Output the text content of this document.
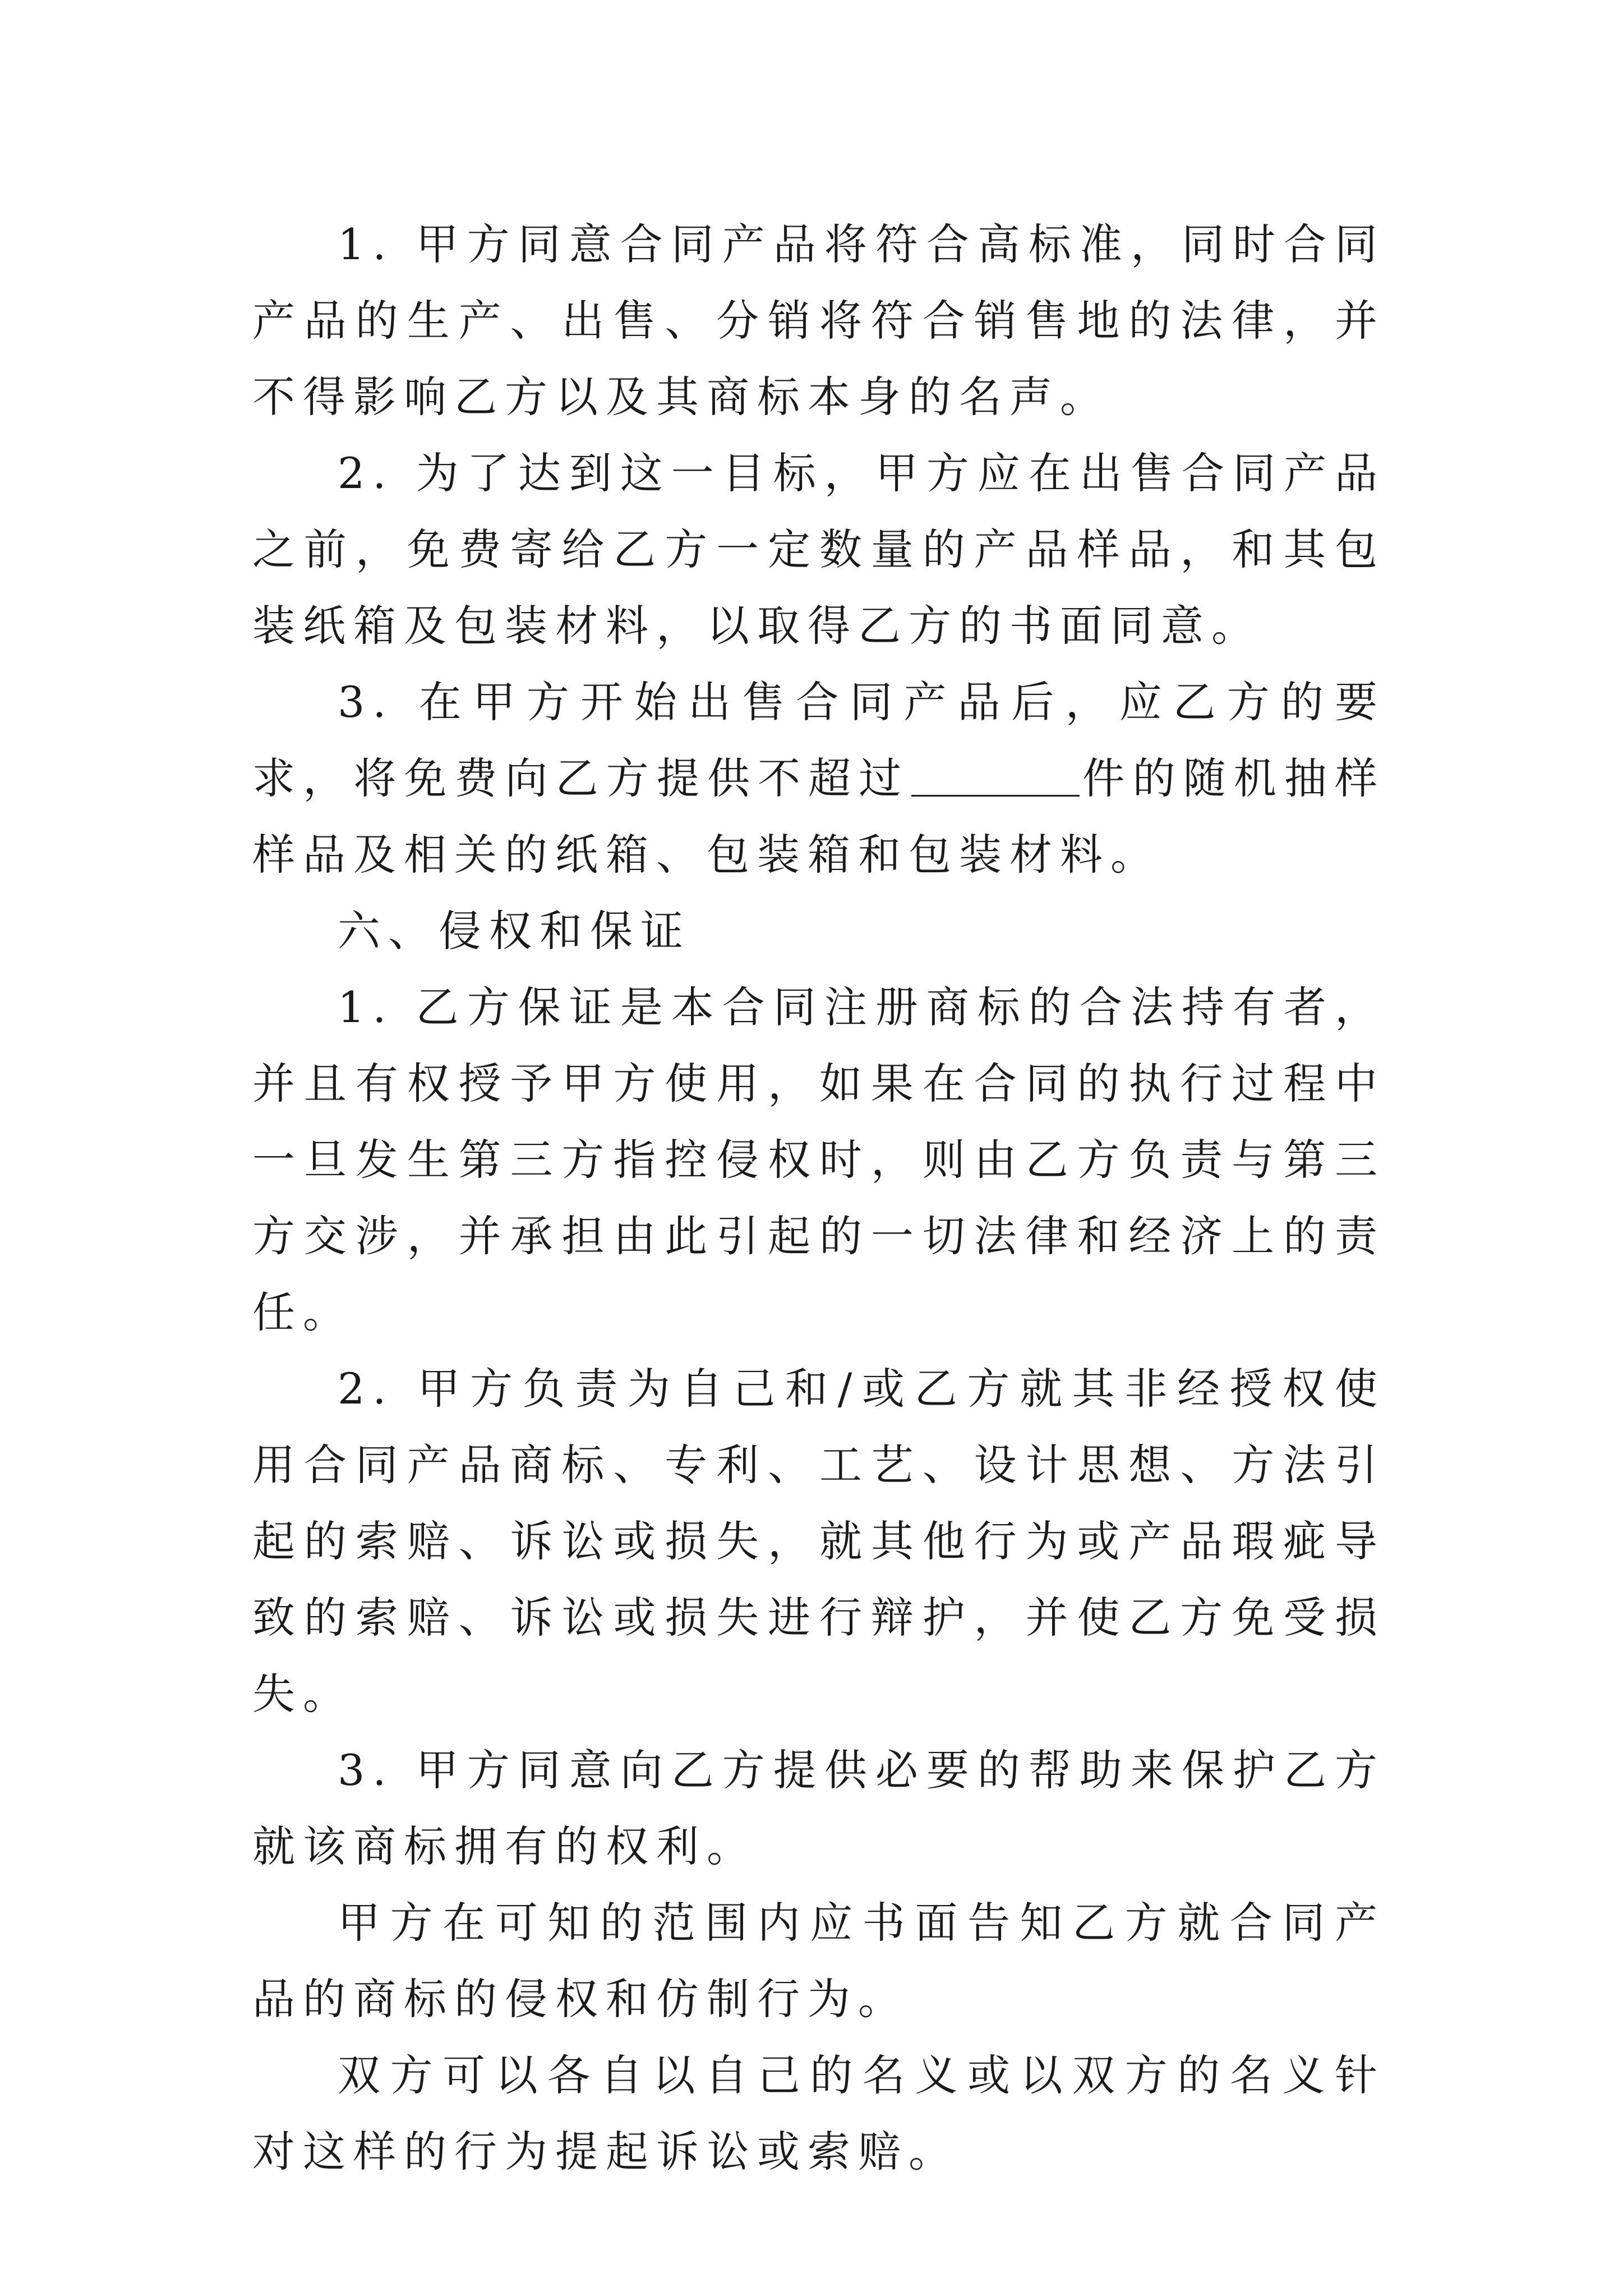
1. 甲方同意合同产品将符合高标准，同时合同产品的生产、出售、分销将符合销售地的法律，并不得影响乙方以及其商标本身的名声。

2. 为了达到这一目标，甲方应在出售合同产品之前，免费寄给乙方一定数量的产品样品，和其包装纸箱及包装材料，以取得乙方的书面同意。

3. 在甲方开始出售合同产品后，应乙方的要求，将免费向乙方提供不超过	件的随机抽样样品及相关的纸箱、包装箱和包装材料。

六、侵权和保证

1. 乙方保证是本合同注册商标的合法持有者，并且有权授予甲方使用，如果在合同的执行过程中一旦发生第三方指控侵权时，则由乙方负责与第三方交涉，并承担由此引起的一切法律和经济上的责任。

2. 甲方负责为自己和/或乙方就其非经授权使用合同产品商标、专利、工艺、设计思想、方法引起的索赔、诉讼或损失，就其他行为或产品瑕疵导致的索赔、诉讼或损失进行辩护，并使乙方免受损失。

3. 甲方同意向乙方提供必要的帮助来保护乙方就该商标拥有的权利。

甲方在可知的范围内应书面告知乙方就合同产品的商标的侵权和仿制行为。

双方可以各自以自己的名义或以双方的名义针对这样的行为提起诉讼或索赔。
